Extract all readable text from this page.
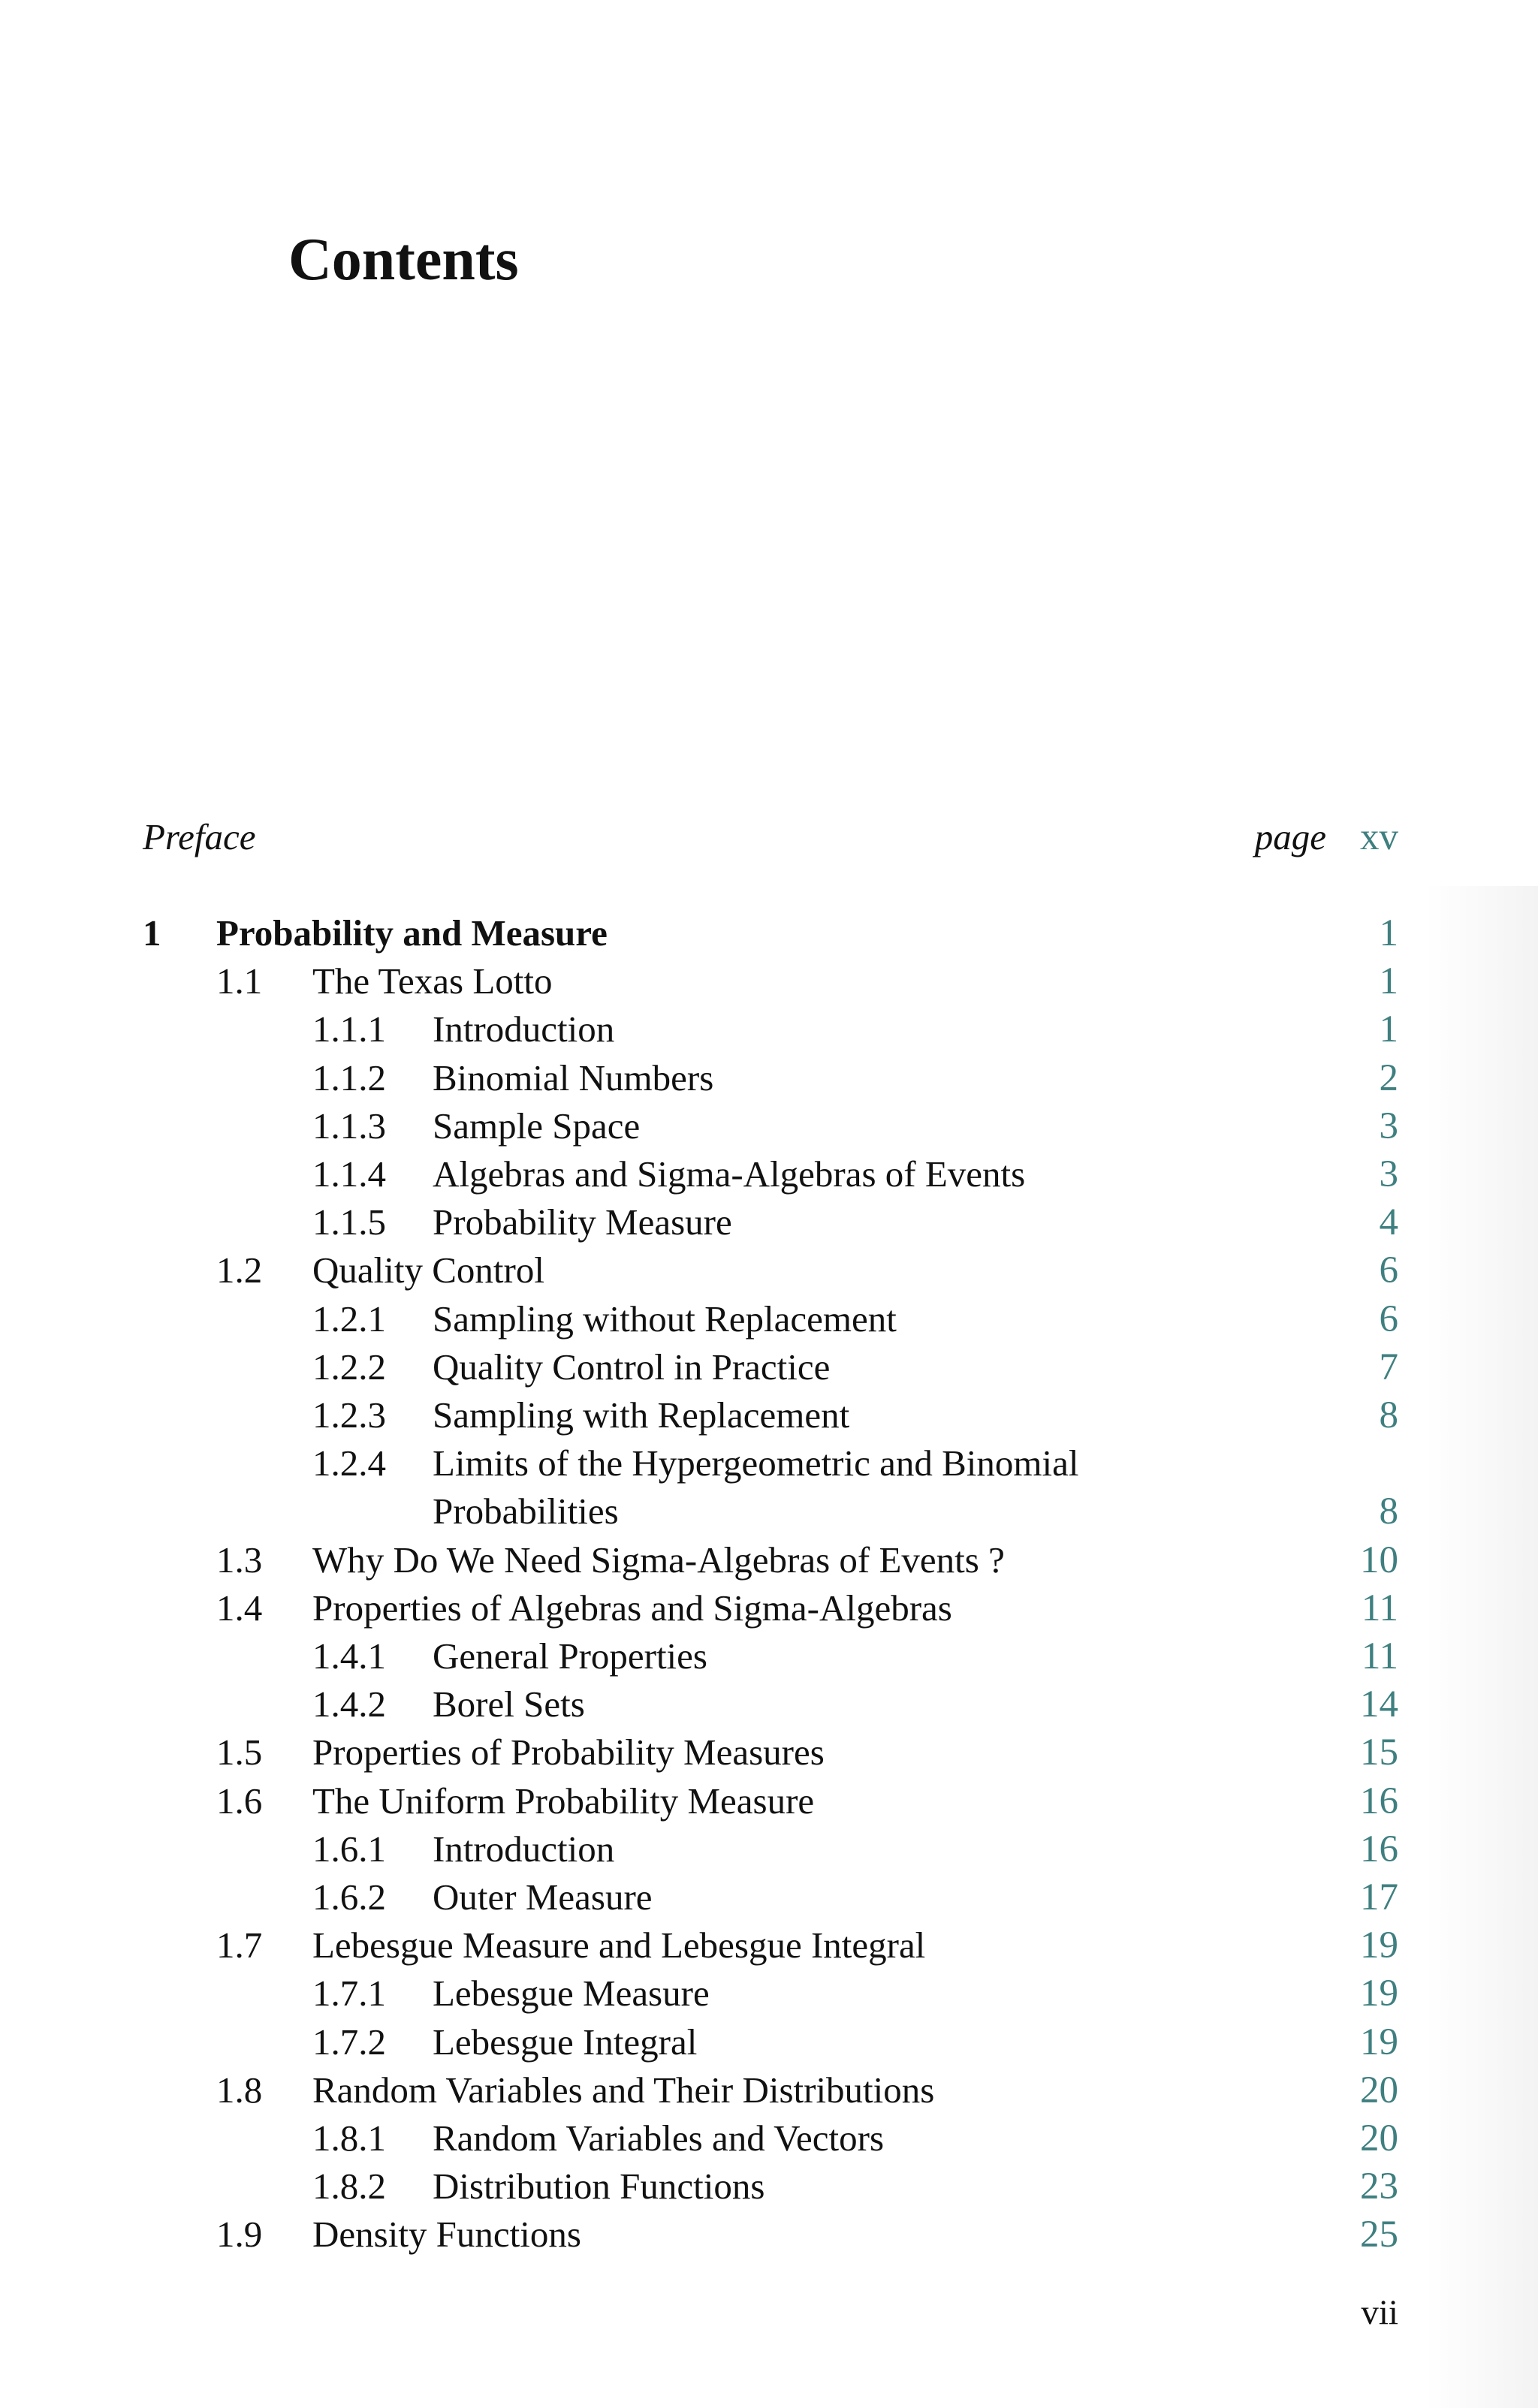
Contents
Preface	page xv
1 Probability and Measure	1
1.1 The Texas Lotto	1
1.1.1 Introduction	1
1.1.2 Binomial Numbers	2
1.1.3 Sample Space	3
1.1.4 Algebras and Sigma-Algebras of Events	3
1.1.5 Probability Measure	4
1.2 Quality Control	6
1.2.1 Sampling without Replacement	6
1.2.2 Quality Control in Practice	7
1.2.3 Sampling with Replacement	8
1.2.4 Limits of the Hypergeometric and Binomial
Probabilities	8
1.3 Why Do We Need Sigma-Algebras of Events ?	10
1.4 Properties of Algebras and Sigma-Algebras	11
1.4.1 General Properties	11
1.4.2 Borel Sets	14
1.5 Properties of Probability Measures	15
1.6 The Uniform Probability Measure	16
1.6.1 Introduction	16
1.6.2 Outer Measure	17
1.7 Lebesgue Measure and Lebesgue Integral	19
1.7.1 Lebesgue Measure	19
1.7.2 Lebesgue Integral	19
1.8 Random Variables and Their Distributions	20
1.8.1 Random Variables and Vectors	20
1.8.2 Distribution Functions	23
1.9 Density Functions	25
vii
